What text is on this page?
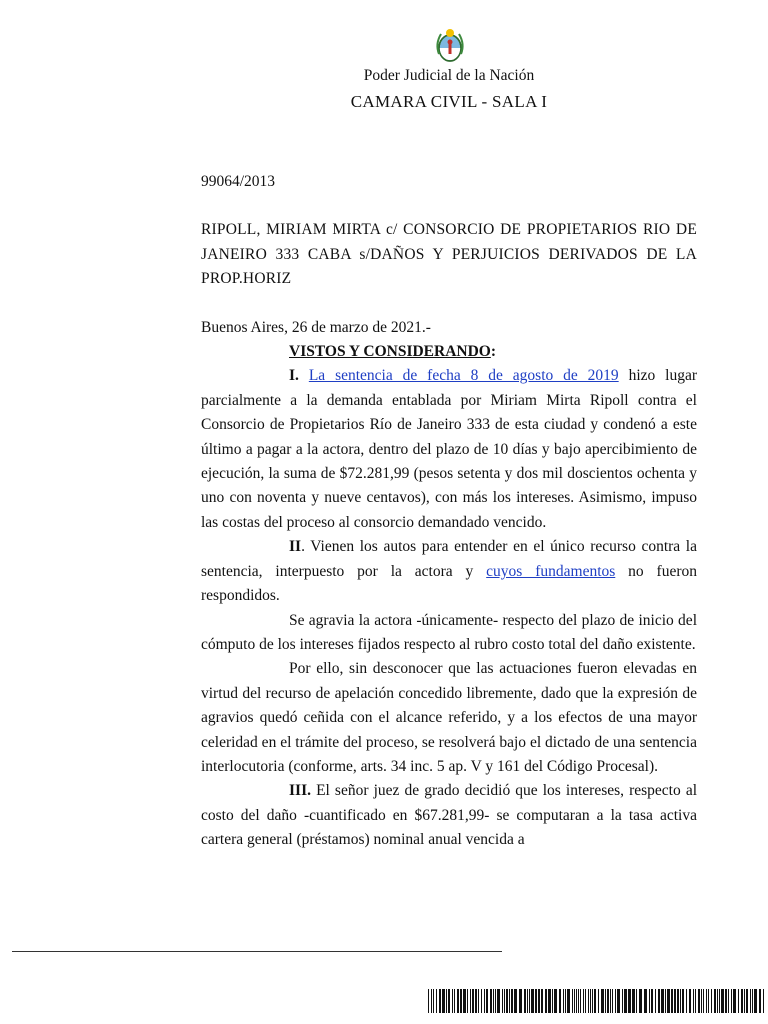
Poder Judicial de la Nación
CAMARA CIVIL - SALA I

99064/2013

RIPOLL, MIRIAM MIRTA c/ CONSORCIO DE PROPIETARIOS RIO DE JANEIRO 333 CABA s/DAÑOS Y PERJUICIOS DERIVADOS DE LA PROP.HORIZ

Buenos Aires, 26 de marzo de 2021.-

VISTOS Y CONSIDERANDO:

I. La sentencia de fecha 8 de agosto de 2019 hizo lugar parcialmente a la demanda entablada por Miriam Mirta Ripoll contra el Consorcio de Propietarios Río de Janeiro 333 de esta ciudad y condenó a este último a pagar a la actora, dentro del plazo de 10 días y bajo apercibimiento de ejecución, la suma de $72.281,99 (pesos setenta y dos mil doscientos ochenta y uno con noventa y nueve centavos), con más los intereses. Asimismo, impuso las costas del proceso al consorcio demandado vencido.

II. Vienen los autos para entender en el único recurso contra la sentencia, interpuesto por la actora y cuyos fundamentos no fueron respondidos.

Se agravia la actora -únicamente- respecto del plazo de inicio del cómputo de los intereses fijados respecto al rubro costo total del daño existente.

Por ello, sin desconocer que las actuaciones fueron elevadas en virtud del recurso de apelación concedido libremente, dado que la expresión de agravios quedó ceñida con el alcance referido, y a los efectos de una mayor celeridad en el trámite del proceso, se resolverá bajo el dictado de una sentencia interlocutoria (conforme, arts. 34 inc. 5 ap. V y 161 del Código Procesal).

III. El señor juez de grado decidió que los intereses, respecto al costo del daño -cuantificado en $67.281,99- se computaran a la tasa activa cartera general (préstamos) nominal anual vencida a
